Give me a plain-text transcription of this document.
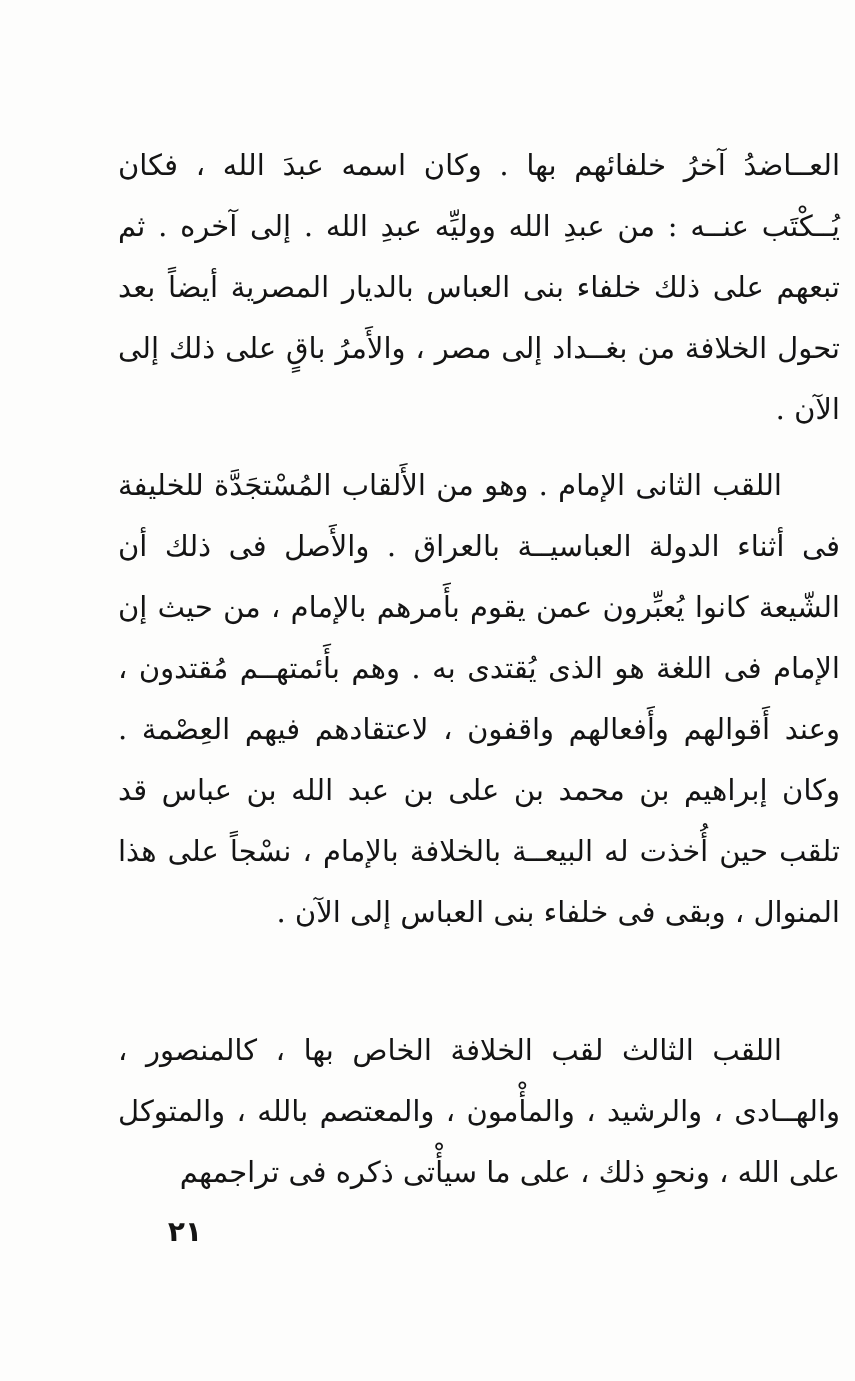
العــاضدُ آخرُ خلفائهم بها . وكان اسمه عبدَ الله ، فكان يُــكْتَب عنــه : من عبدِ الله ووليِّه عبدِ الله . إلى آخره . ثم تبعهم على ذلك خلفاء بنى العباس بالديار المصرية أيضاً بعد تحول الخلافة من بغــداد إلى مصر ، والأَمرُ باقٍ على ذلك إلى الآن .

اللقب الثانى الإمام . وهو من الأَلقاب المُسْتجَدَّة للخليفة فى أثناء الدولة العباسيــة بالعراق . والأَصل فى ذلك أن الشّيعة كانوا يُعبِّرون عمن يقوم بأَمرهم بالإمام ، من حيث إن الإمام فى اللغة هو الذى يُقتدى به . وهم بأَئمتهــم مُقتدون ، وعند أَقوالهم وأَفعالهم واقفون ، لاعتقادهم فيهم العِصْمة . وكان إبراهيم بن محمد بن على بن عبد الله بن عباس قد تلقب حين أُخذت له البيعــة بالخلافة بالإمام ، نسْجاً على هذا المنوال ، وبقى فى خلفاء بنى العباس إلى الآن .

اللقب الثالث لقب الخلافة الخاص بها ، كالمنصور ، والهــادى ، والرشيد ، والمأْمون ، والمعتصم بالله ، والمتوكل على الله ، ونحوِ ذلك ، على ما سيأْتى ذكره فى تراجمهم

٢١
